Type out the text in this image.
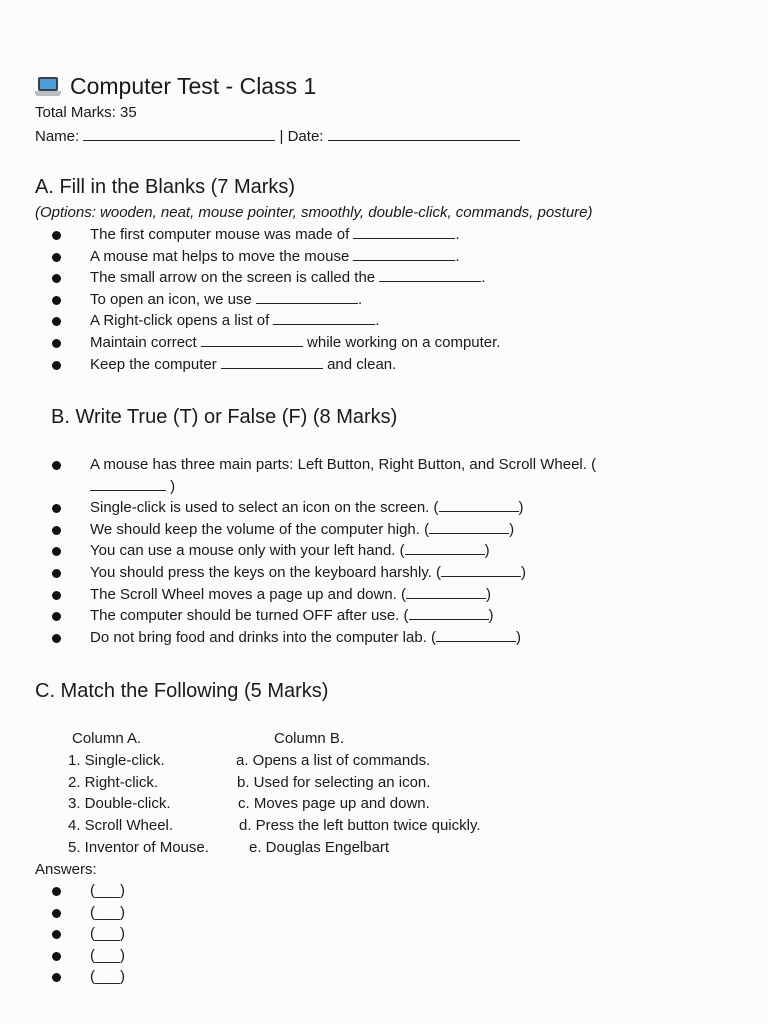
Computer Test - Class 1
Total Marks: 35
Name:	| Date:
A. Fill in the Blanks (7 Marks)
(Options: wooden, neat, mouse pointer, smoothly, double-click, commands, posture)
The first computer mouse was made of	.
A mouse mat helps to move the mouse	.
The small arrow on the screen is called the	.
To open an icon, we use	.
A Right-click opens a list of	.
Maintain correct	while working on a computer.
Keep the computer	and clean.
B. Write True (T) or False (F) (8 Marks)
A mouse has three main parts: Left Button, Right Button, and Scroll Wheel. (
)
Single-click is used to select an icon on the screen. (	)
We should keep the volume of the computer high. (	)
You can use a mouse only with your left hand. (	)
You should press the keys on the keyboard harshly. (	)
The Scroll Wheel moves a page up and down. (	)
The computer should be turned OFF after use. (	)
Do not bring food and drinks into the computer lab. (	)
C. Match the Following (5 Marks)
Column A.	Column B.
1. Single-click.	a. Opens a list of commands.
2. Right-click.	b. Used for selecting an icon.
3. Double-click.	c. Moves page up and down.
4. Scroll Wheel.	d. Press the left button twice quickly.
5. Inventor of Mouse.	e. Douglas Engelbart
Answers:
(___)
(___)
(___)
(___)
(___)
